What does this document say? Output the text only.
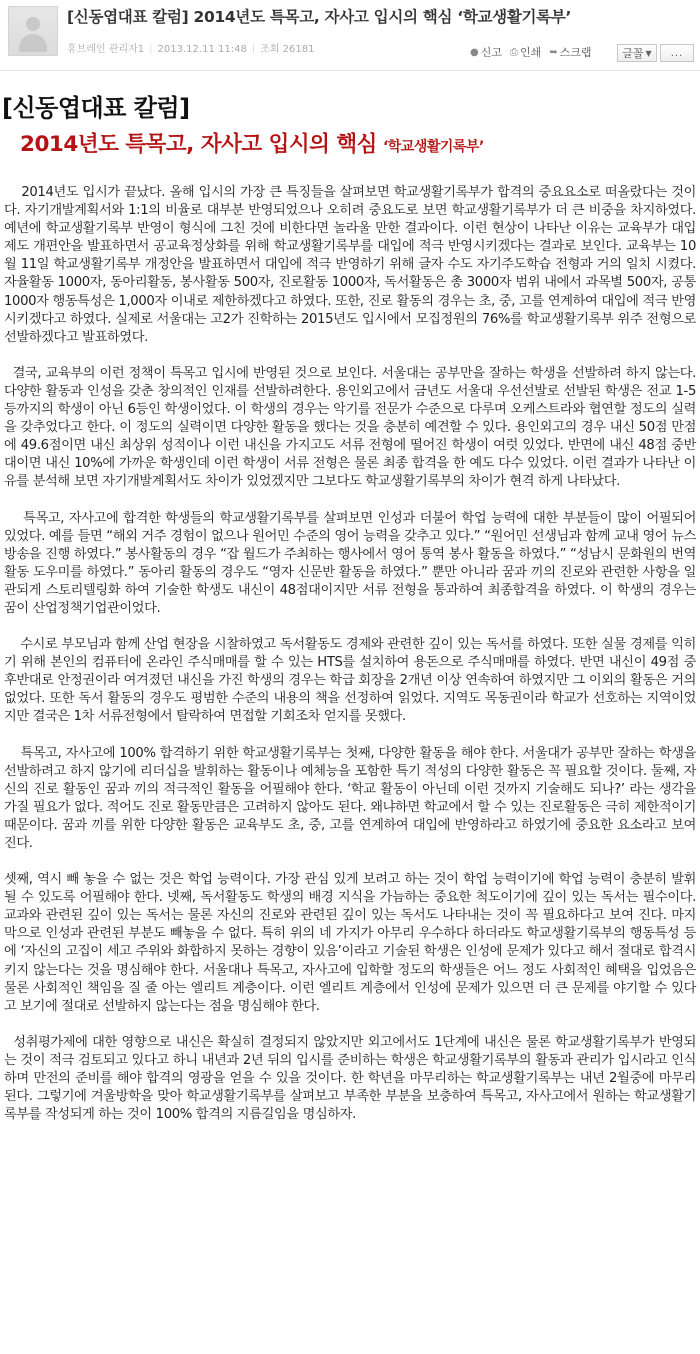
[신동엽대표 칼럼] 2014년도 특목고, 자사고 입시의 핵심 ‘학교생활기록부’
휴브레인 관리자1 | 2013.12.11 11:48 | 조회 26181	● 신고 ⎙ 인쇄 ➥ 스크랩	글꼴 ▼ ...
[신동엽대표 칼럼]
2014년도 특목고, 자사고 입시의 핵심 ‘학교생활기록부’

2014년도 입시가 끝났다. 올해 입시의 가장 큰 특징들을 살펴보면 학교생활기록부가 합격의 중요요소로 떠올랐다는 것이다. 자기개발계획서와 1:1의 비율로 대부분 반영되었으나 오히려 중요도로 보면 학교생활기록부가 더 큰 비중을 차지하였다. 예년에 학교생활기록부 반영이 형식에 그친 것에 비한다면 놀라울 만한 결과이다. 이런 현상이 나타난 이유는 교육부가 대입제도 개편안을 발표하면서 공교육정상화를 위해 학교생활기록부를 대입에 적극 반영시키겠다는 결과로 보인다. 교육부는 10월 11일 학교생활기록부 개정안을 발표하면서 대입에 적극 반영하기 위해 글자 수도 자기주도학습 전형과 거의 일치 시켰다. 자율활동 1000자, 동아리활동, 봉사활동 500자, 진로활동 1000자, 독서활동은 총 3000자 범위 내에서 과목별 500자, 공통 1000자 행동특성은 1,000자 이내로 제한하겠다고 하였다. 또한, 진로 활동의 경우는 초, 중, 고를 연계하여 대입에 적극 반영시키겠다고 하였다. 실제로 서울대는 고2가 진학하는 2015년도 입시에서 모집정원의 76%를 학교생활기록부 위주 전형으로 선발하겠다고 발표하였다.

결국, 교육부의 이런 정책이 특목고 입시에 반영된 것으로 보인다. 서울대는 공부만을 잘하는 학생을 선발하려 하지 않는다. 다양한 활동과 인성을 갖춘 창의적인 인재를 선발하려한다. 용인외고에서 금년도 서울대 우선선발로 선발된 학생은 전교 1-5등까지의 학생이 아닌 6등인 학생이었다. 이 학생의 경우는 악기를 전문가 수준으로 다루며 오케스트라와 협연할 정도의 실력을 갖추었다고 한다. 이 정도의 실력이면 다양한 활동을 했다는 것을 충분히 예견할 수 있다. 용인외고의 경우 내신 50점 만점에 49.6점이면 내신 최상위 성적이나 이런 내신을 가지고도 서류 전형에 떨어진 학생이 여럿 있었다. 반면에 내신 48점 중반 대이면 내신 10%에 가까운 학생인데 이런 학생이 서류 전형은 물론 최종 합격을 한 예도 다수 있었다. 이런 결과가 나타난 이유를 분석해 보면 자기개발계획서도 차이가 있었겠지만 그보다도 학교생활기록부의 차이가 현격 하게 나타났다.

특목고, 자사고에 합격한 학생들의 학교생활기록부를 살펴보면 인성과 더불어 학업 능력에 대한 부분들이 많이 어필되어 있었다. 예를 들면 “해외 거주 경험이 없으나 원어민 수준의 영어 능력을 갖추고 있다.” “원어민 선생님과 함께 교내 영어 뉴스 방송을 진행 하였다.” 봉사활동의 경우 “잡 월드가 주최하는 행사에서 영어 통역 봉사 활동을 하였다.” “성남시 문화원의 번역활동 도우미를 하였다.” 동아리 활동의 경우도 “영자 신문반 활동을 하였다.” 뿐만 아니라 꿈과 끼의 진로와 관련한 사항을 일관되게 스토리텔링화 하여 기술한 학생도 내신이 48점대이지만 서류 전형을 통과하여 최종합격을 하였다. 이 학생의 경우는 꿈이 산업정책기업관이었다.

수시로 부모님과 함께 산업 현장을 시찰하였고 독서활동도 경제와 관련한 깊이 있는 독서를 하였다. 또한 실물 경제를 익히기 위해 본인의 컴퓨터에 온라인 주식매매를 할 수 있는 HTS를 설치하여 용돈으로 주식매매를 하였다. 반면 내신이 49점 중후반대로 안정권이라 여겨졌던 내신을 가진 학생의 경우는 학급 회장을 2개년 이상 연속하여 하였지만 그 이외의 활동은 거의 없었다. 또한 독서 활동의 경우도 평범한 수준의 내용의 책을 선정하여 읽었다. 지역도 목동권이라 학교가 선호하는 지역이었지만 결국은 1차 서류전형에서 탈락하여 면접할 기회조차 얻지를 못했다.

특목고, 자사고에 100% 합격하기 위한 학교생활기록부는 첫째, 다양한 활동을 해야 한다. 서울대가 공부만 잘하는 학생을 선발하려고 하지 않기에 리더십을 발휘하는 활동이나 예체능을 포함한 특기 적성의 다양한 활동은 꼭 필요할 것이다. 둘째, 자신의 진로 활동인 꿈과 끼의 적극적인 활동을 어필해야 한다. ‘학교 활동이 아닌데 이런 것까지 기술해도 되나?’ 라는 생각을 가질 필요가 없다. 적어도 진로 활동만큼은 고려하지 않아도 된다. 왜냐하면 학교에서 할 수 있는 진로활동은 극히 제한적이기 때문이다. 꿈과 끼를 위한 다양한 활동은 교육부도 초, 중, 고를 연계하여 대입에 반영하라고 하였기에 중요한 요소라고 보여진다.

셋째, 역시 빼 놓을 수 없는 것은 학업 능력이다. 가장 관심 있게 보려고 하는 것이 학업 능력이기에 학업 능력이 충분히 발휘 될 수 있도록 어필해야 한다. 넷째, 독서활동도 학생의 배경 지식을 가늠하는 중요한 척도이기에 깊이 있는 독서는 필수이다. 교과와 관련된 깊이 있는 독서는 물론 자신의 진로와 관련된 깊이 있는 독서도 나타내는 것이 꼭 필요하다고 보여 진다. 마지막으로 인성과 관련된 부분도 빼놓을 수 없다. 특히 위의 네 가지가 아무리 우수하다 하더라도 학교생활기록부의 행동특성 등에 ‘자신의 고집이 세고 주위와 화합하지 못하는 경향이 있음’이라고 기술된 학생은 인성에 문제가 있다고 해서 절대로 합격시키지 않는다는 것을 명심해야 한다. 서울대나 특목고, 자사고에 입학할 정도의 학생들은 어느 정도 사회적인 혜택을 입었음은 물론 사회적인 책임을 질 줄 아는 엘리트 계층이다. 이런 엘리트 계층에서 인성에 문제가 있으면 더 큰 문제를 야기할 수 있다고 보기에 절대로 선발하지 않는다는 점을 명심해야 한다.

성취평가제에 대한 영향으로 내신은 확실히 결정되지 않았지만 외고에서도 1단계에 내신은 물론 학교생활기록부가 반영되는 것이 적극 검토되고 있다고 하니 내년과 2년 뒤의 입시를 준비하는 학생은 학교생활기록부의 활동과 관리가 입시라고 인식하며 만전의 준비를 해야 합격의 영광을 얻을 수 있을 것이다. 한 학년을 마무리하는 학교생활기록부는 내년 2월중에 마무리 된다. 그렇기에 겨울방학을 맞아 학교생활기록부를 살펴보고 부족한 부분을 보충하여 특목고, 자사고에서 원하는 학교생활기록부를 작성되게 하는 것이 100% 합격의 지름길임을 명심하자.
